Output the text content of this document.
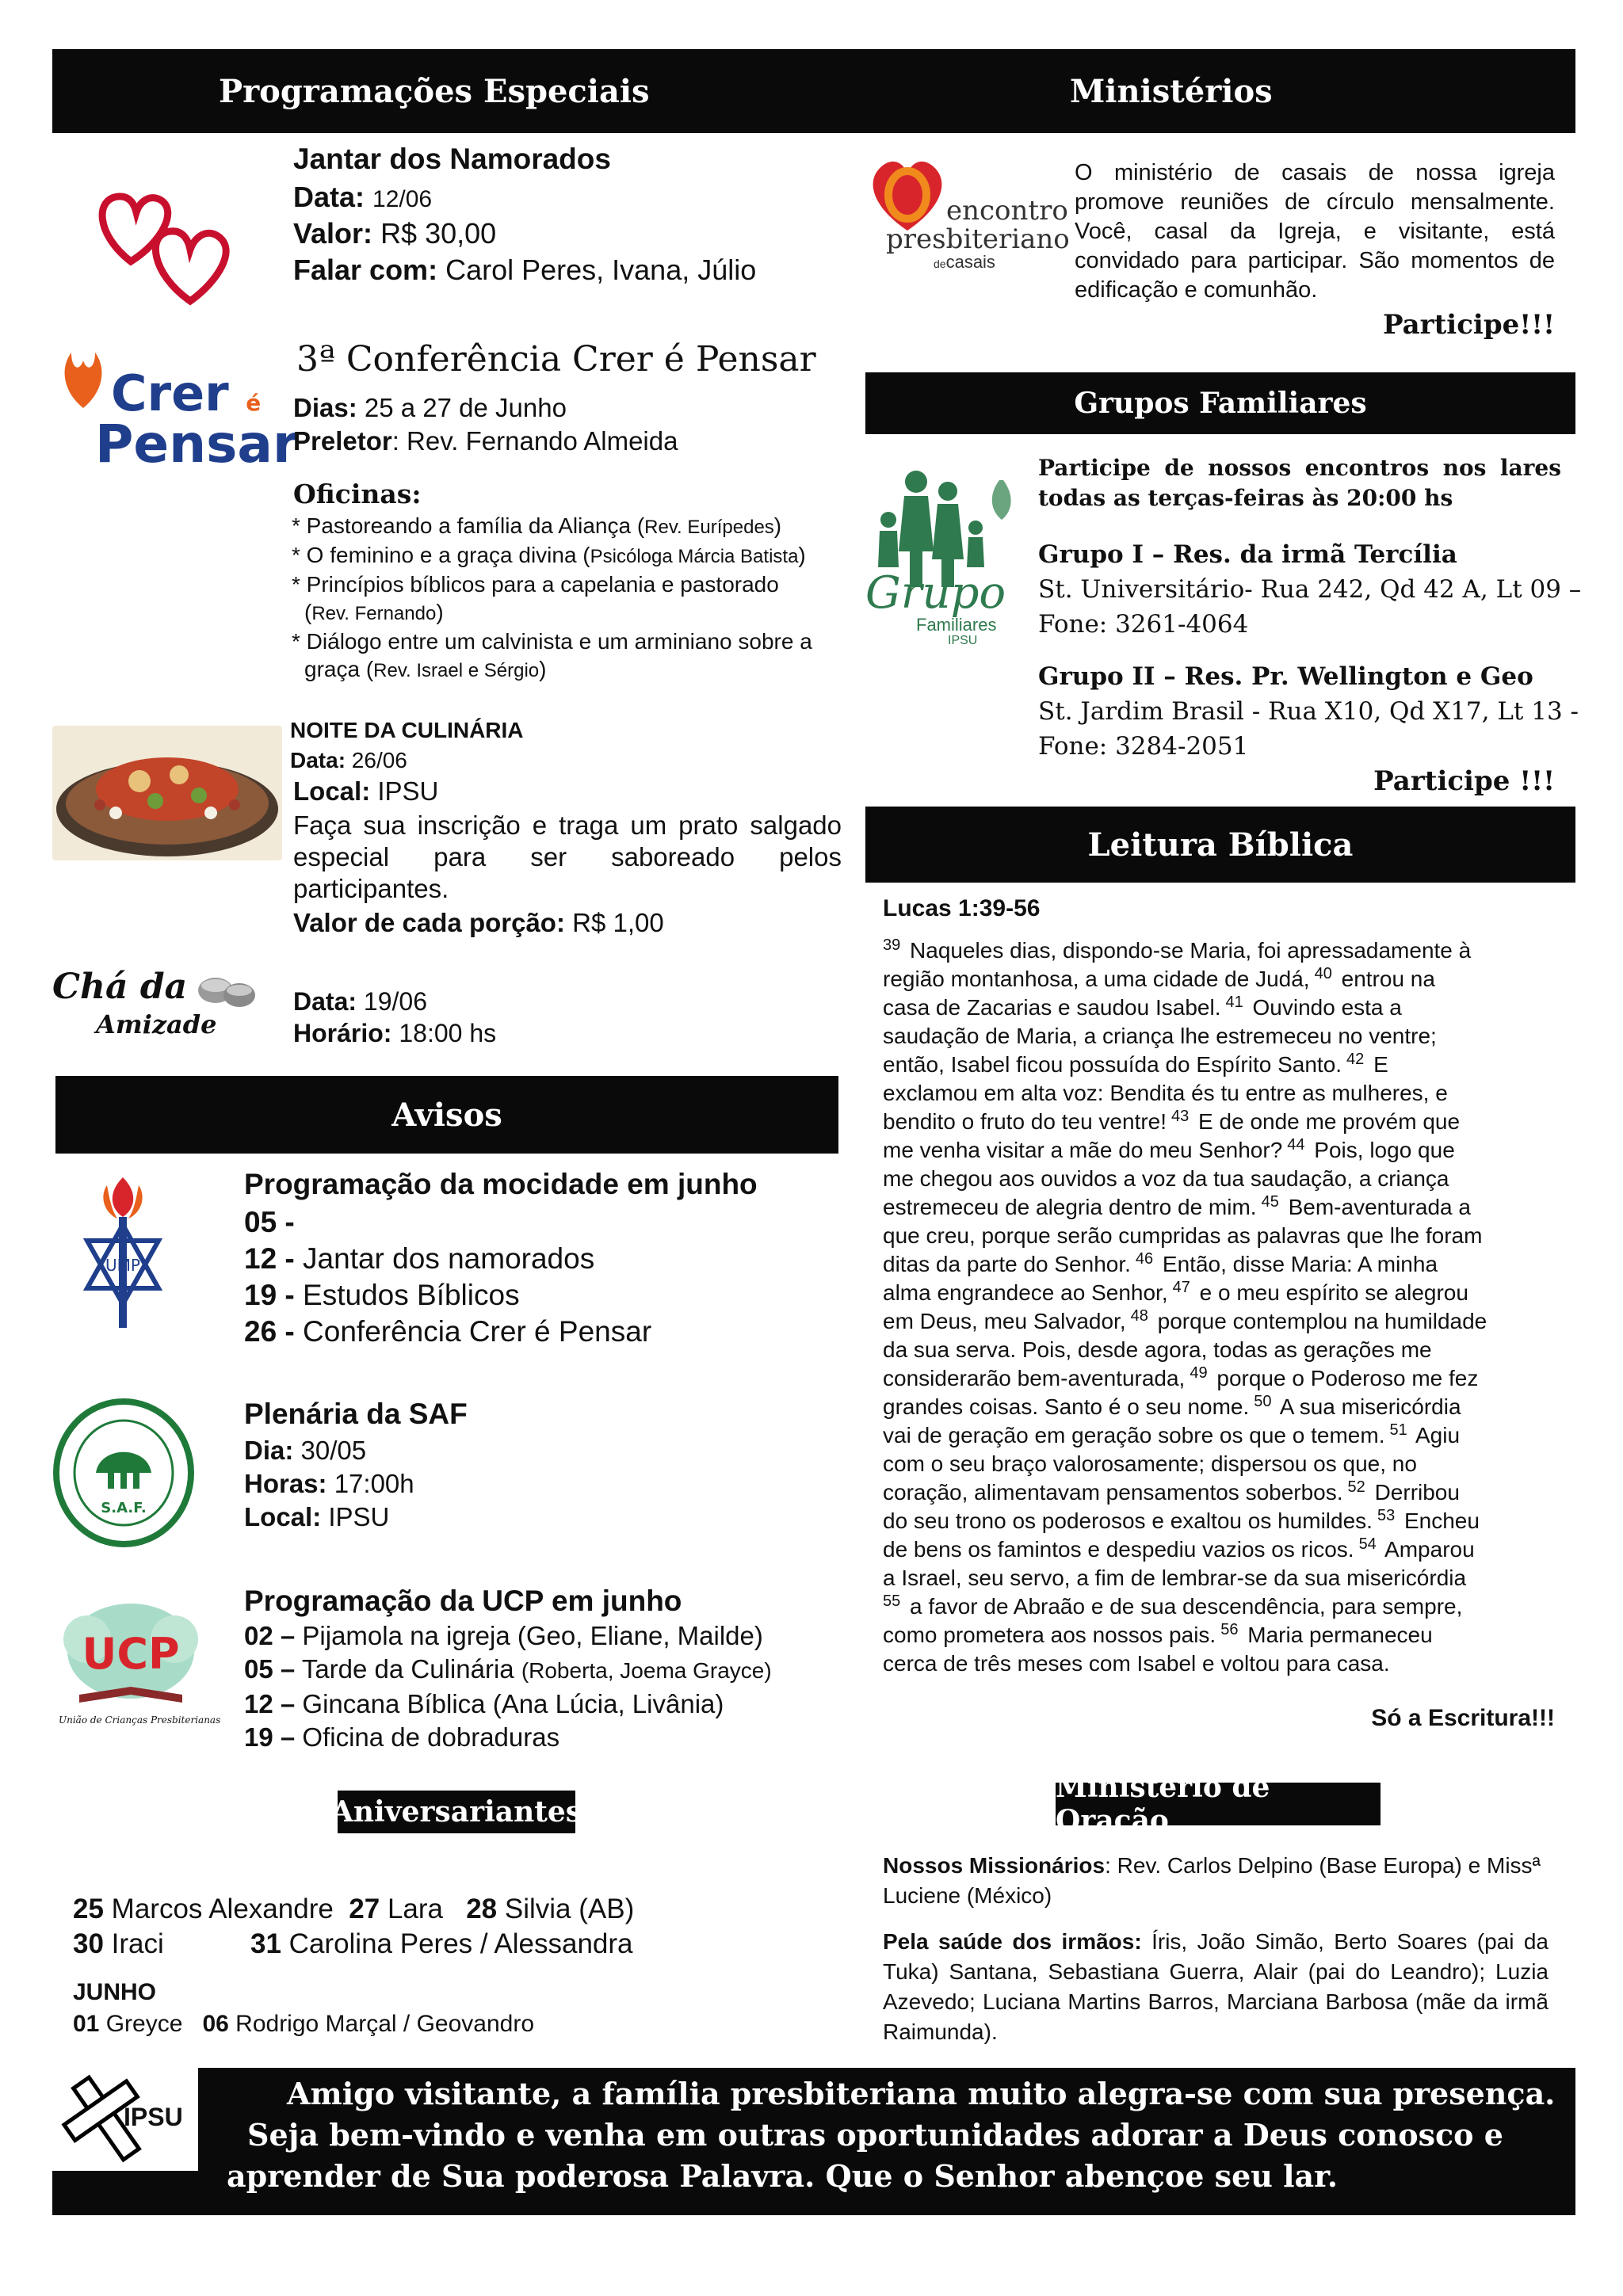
Programações Especiais
Jantar dos Namorados
Data: 12/06
Valor: R$ 30,00
Falar com: Carol Peres, Ivana, Júlio
Crer é
Pensar
3ª Conferência Crer é Pensar
Dias: 25 a 27 de Junho
Preletor: Rev. Fernando Almeida
Oficinas:
* Pastoreando a família da Aliança (Rev. Eurípedes)
* O feminino e a graça divina (Psicóloga Márcia Batista)
* Princípios bíblicos para a capelania e pastorado
(Rev. Fernando)
* Diálogo entre um calvinista e um arminiano sobre a
graça (Rev. Israel e Sérgio)
NOITE DA CULINÁRIA
Data: 26/06
Local: IPSU
Faça sua inscrição e traga um prato salgado especial para ser saboreado pelos participantes.
Valor de cada porção: R$ 1,00
Chá da
Amizade
Data: 19/06
Horário: 18:00 hs
Avisos
UMP
Programação da mocidade em junho
05 -
12 - Jantar dos namorados
19 - Estudos Bíblicos
26 - Conferência Crer é Pensar
S.A.F.
Plenária da SAF
Dia: 30/05
Horas: 17:00h
Local: IPSU
UCP
União de Crianças Presbiterianas
Programação da UCP em junho
02 – Pijamola na igreja (Geo, Eliane, Mailde)
05 – Tarde da Culinária (Roberta, Joema Grayce)
12 – Gincana Bíblica (Ana Lúcia, Livânia)
19 – Oficina de dobraduras
Aniversariantes
25 Marcos Alexandre 27 Lara 28 Silvia (AB)
30 Iraci	31 Carolina Peres / Alessandra
JUNHO
01 Greyce 06 Rodrigo Marçal / Geovandro
Ministérios
encontro
presbiteriano
decasais
O ministério de casais de nossa igreja promove reuniões de círculo mensalmente. Você, casal da Igreja, e visitante, está convidado para participar. São momentos de edificação e comunhão.
Participe!!!
Grupos Familiares
Grupo
Familiares
IPSU
Participe de nossos encontros nos lares todas as terças-feiras às 20:00 hs
Grupo I – Res. da irmã Tercília
St. Universitário- Rua 242, Qd 42 A, Lt 09 –
Fone: 3261-4064
Grupo II – Res. Pr. Wellington e Geo
St. Jardim Brasil - Rua X10, Qd X17, Lt 13 -
Fone: 3284-2051
Participe !!!
Leitura Bíblica
Lucas 1:39-56
$^{39}$ Naqueles dias, dispondo-se Maria, foi apressadamente à
região montanhosa, a uma cidade de Judá, $^{40}$ entrou na
casa de Zacarias e saudou Isabel. $^{41}$ Ouvindo esta a
saudação de Maria, a criança lhe estremeceu no ventre;
então, Isabel ficou possuída do Espírito Santo. $^{42}$ E
exclamou em alta voz: Bendita és tu entre as mulheres, e
bendito o fruto do teu ventre! $^{43}$ E de onde me provém que
me venha visitar a mãe do meu Senhor? $^{44}$ Pois, logo que
me chegou aos ouvidos a voz da tua saudação, a criança
estremeceu de alegria dentro de mim. $^{45}$ Bem-aventurada a
que creu, porque serão cumpridas as palavras que lhe foram
ditas da parte do Senhor. $^{46}$ Então, disse Maria: A minha
alma engrandece ao Senhor, $^{47}$ e o meu espírito se alegrou
em Deus, meu Salvador, $^{48}$ porque contemplou na humildade
da sua serva. Pois, desde agora, todas as gerações me
considerarão bem-aventurada, $^{49}$ porque o Poderoso me fez
grandes coisas. Santo é o seu nome. $^{50}$ A sua misericórdia
vai de geração em geração sobre os que o temem. $^{51}$ Agiu
com o seu braço valorosamente; dispersou os que, no
coração, alimentavam pensamentos soberbos. $^{52}$ Derribou
do seu trono os poderosos e exaltou os humildes. $^{53}$ Encheu
de bens os famintos e despediu vazios os ricos. $^{54}$ Amparou
a Israel, seu servo, a fim de lembrar-se da sua misericórdia
$^{55}$ a favor de Abraão e de sua descendência, para sempre,
como prometera aos nossos pais. $^{56}$ Maria permaneceu
cerca de três meses com Isabel e voltou para casa.
Só a Escritura!!!
Ministério de Oração
Nossos Missionários: Rev. Carlos Delpino (Base Europa) e Missª Luciene (México)
Pela saúde dos irmãos: Íris, João Simão, Berto Soares (pai da Tuka) Santana, Sebastiana Guerra, Alair (pai do Leandro); Luzia Azevedo; Luciana Martins Barros, Marciana Barbosa (mãe da irmã Raimunda).
IPSU
Amigo visitante, a família presbiteriana muito alegra-se com sua presença.
Seja bem-vindo e venha em outras oportunidades adorar a Deus conosco e
aprender de Sua poderosa Palavra. Que o Senhor abençoe seu lar.
